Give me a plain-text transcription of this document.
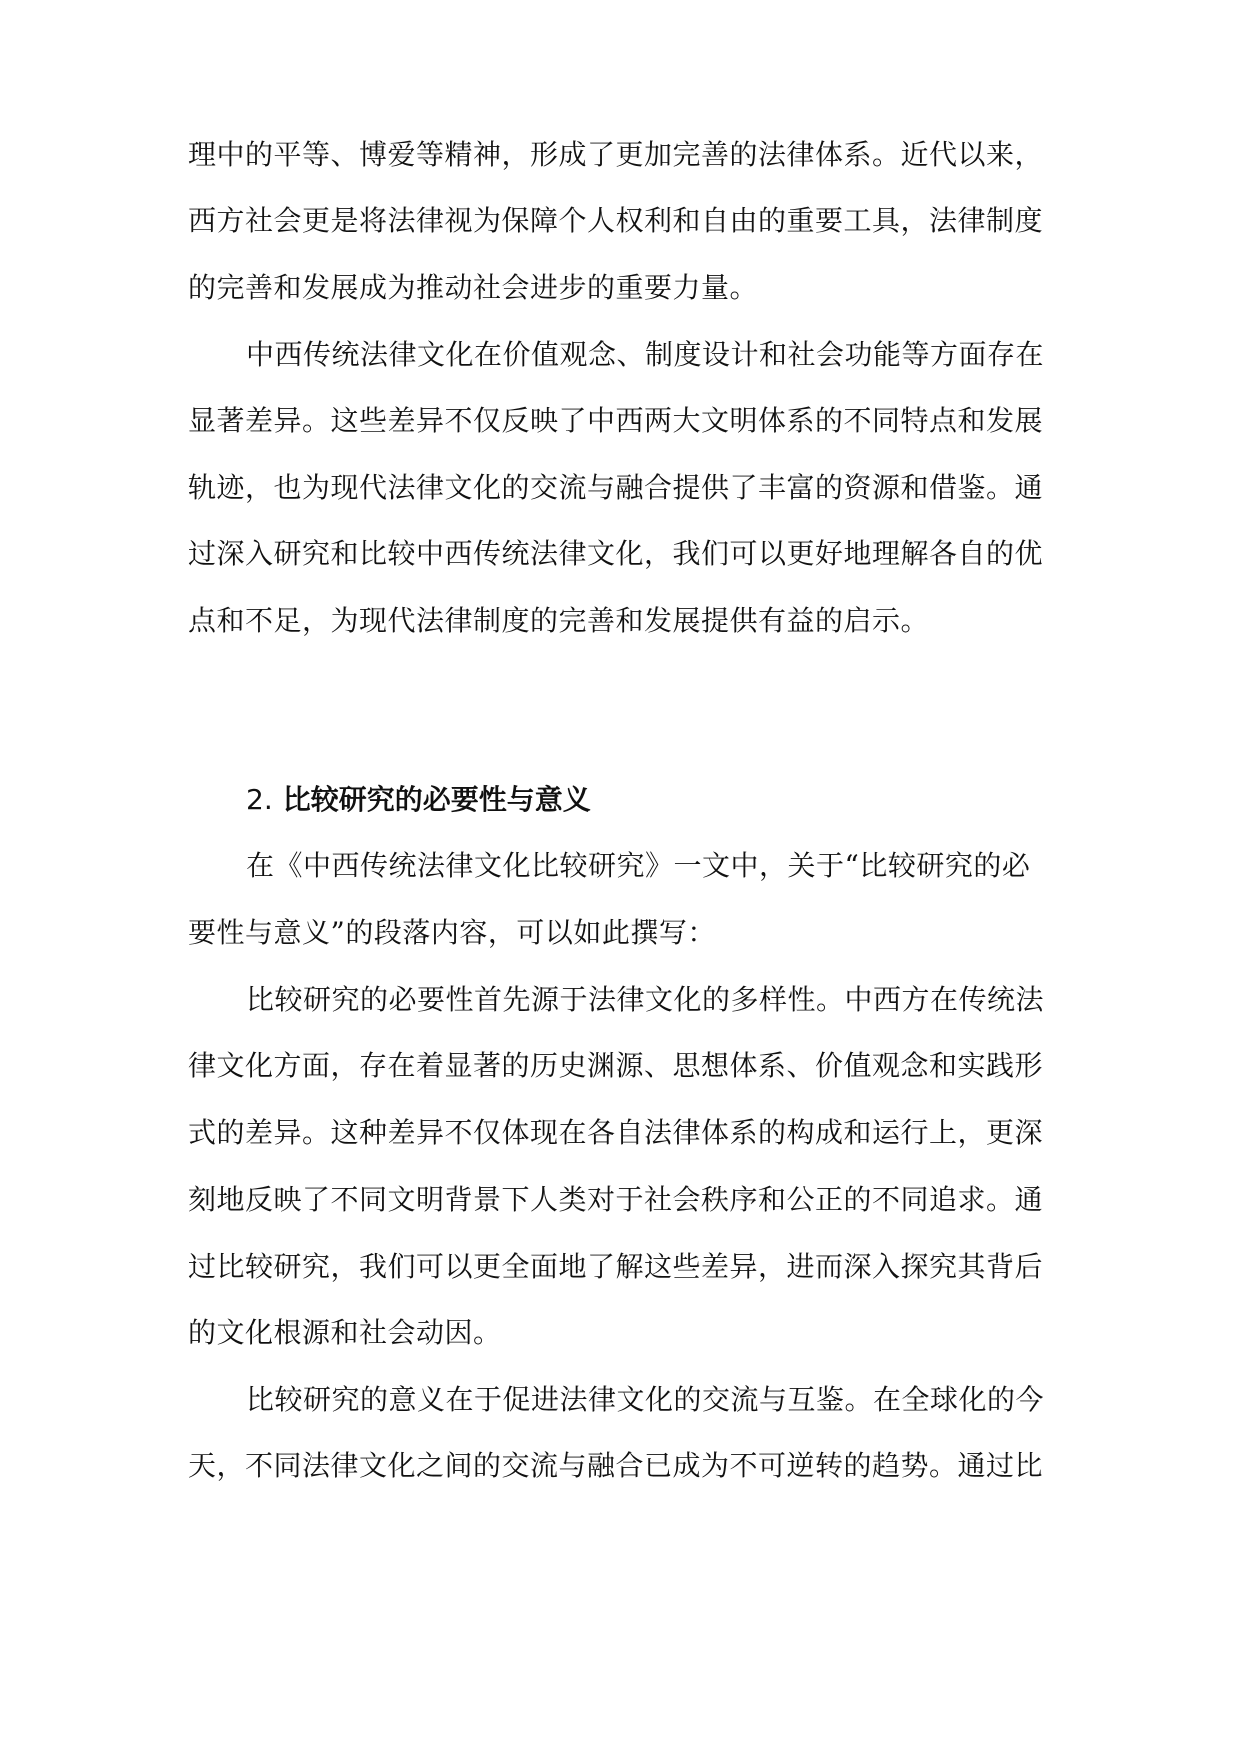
理中的平等、博爱等精神，形成了更加完善的法律体系。近代以来，

西方社会更是将法律视为保障个人权利和自由的重要工具，法律制度

的完善和发展成为推动社会进步的重要力量。

中西传统法律文化在价值观念、制度设计和社会功能等方面存在

显著差异。这些差异不仅反映了中西两大文明体系的不同特点和发展

轨迹，也为现代法律文化的交流与融合提供了丰富的资源和借鉴。通

过深入研究和比较中西传统法律文化，我们可以更好地理解各自的优

点和不足，为现代法律制度的完善和发展提供有益的启示。

2. 比较研究的必要性与意义

在《中西传统法律文化比较研究》一文中，关于“比较研究的必

要性与意义”的段落内容，可以如此撰写：

比较研究的必要性首先源于法律文化的多样性。中西方在传统法

律文化方面，存在着显著的历史渊源、思想体系、价值观念和实践形

式的差异。这种差异不仅体现在各自法律体系的构成和运行上，更深

刻地反映了不同文明背景下人类对于社会秩序和公正的不同追求。通

过比较研究，我们可以更全面地了解这些差异，进而深入探究其背后

的文化根源和社会动因。

比较研究的意义在于促进法律文化的交流与互鉴。在全球化的今

天，不同法律文化之间的交流与融合已成为不可逆转的趋势。通过比
